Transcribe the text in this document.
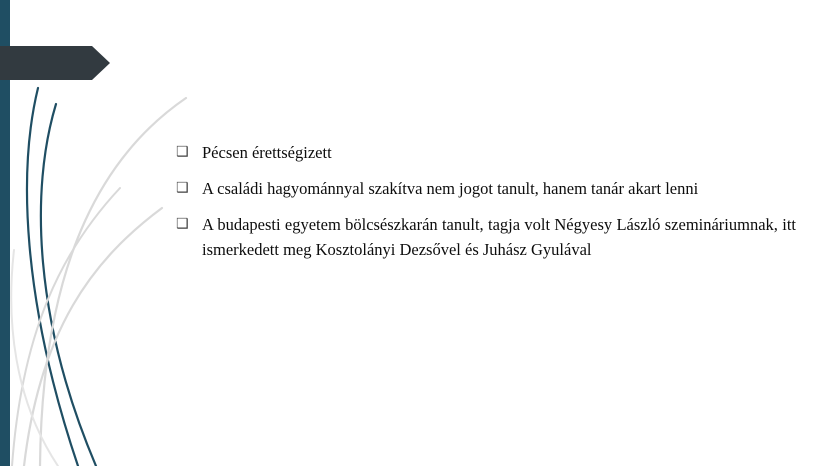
❑ Pécsen érettségizett
❑ A családi hagyománnyal szakítva nem jogot tanult, hanem tanár akart lenni
❑ A budapesti egyetem bölcsészkarán tanult, tagja volt Négyesy László szemináriumnak, itt ismerkedett meg Kosztolányi Dezsővel és Juhász Gyulával
